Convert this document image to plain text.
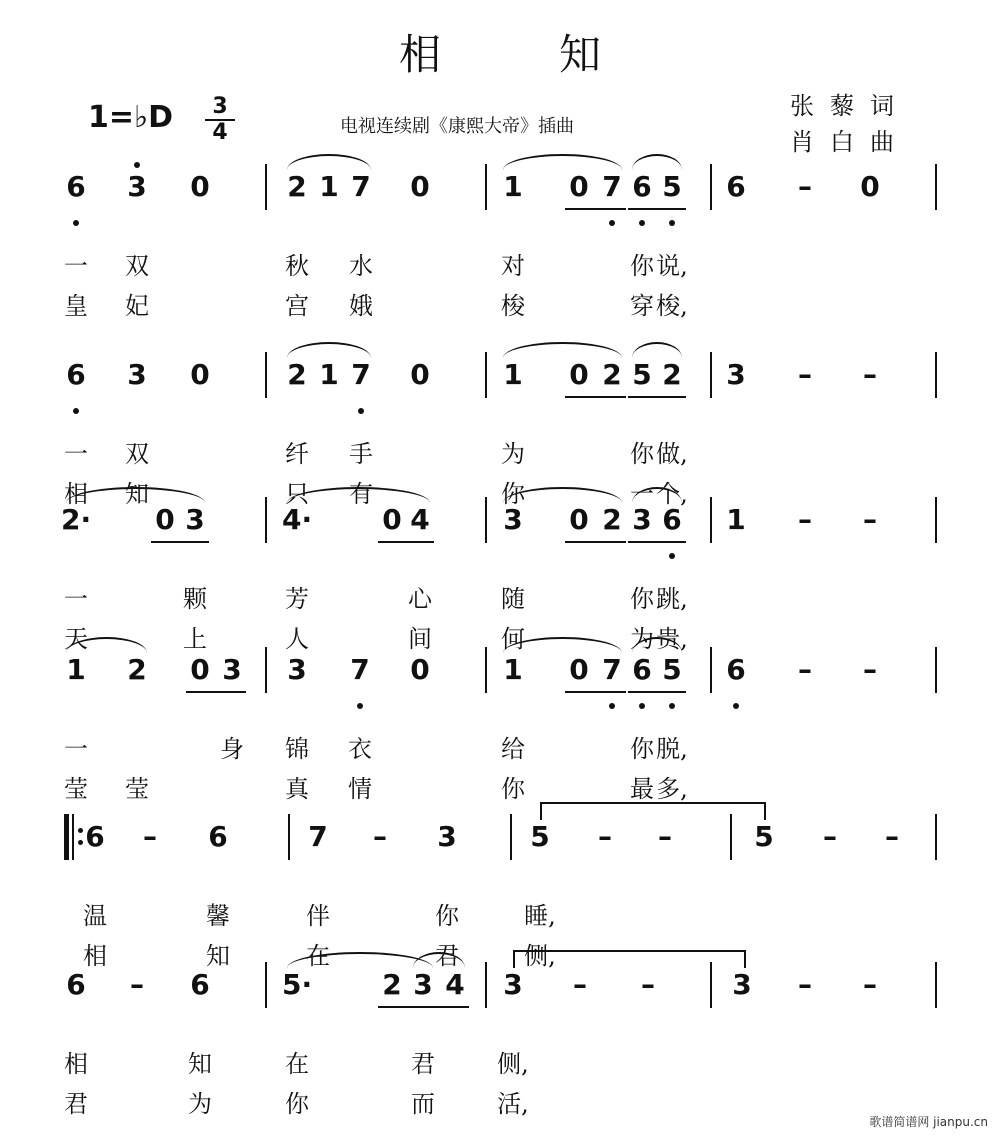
相知
1=♭D	3
4	电视连续剧《康熙大帝》插曲
张藜词
肖白曲
歌谱简谱网 jianpu.cn
6
一
皇
3
双
妃
0	2
秋
宫
1 7
水
娥
0	1
对
梭
0 7 6
你
穿
5
说,
梭,
6 – 0
6
一
相
3
双
知
0	2
纤
只
1 7
手
有
0	1
为
你
0 2 5
你
一
2
做,
个,
3 – –
2·
一
天
0 3
颗
上
4·
芳
人
0 4
心
间
3
随
何
0 2 3
你
为
6
跳,
贵,
1 – –
1
一
莹
2
莹
0 3
身
3
锦
真
7
衣
情
0	1
给
你
0 7 6
你
最
5
脱,
多,
6 – –
6
温
相
– 6
馨
知
7
伴
在
– 3
你
君
5
睡,
侧,
– –	5 – –
6
相
君
– 6
知
为
5·
在
你
2 3
君
而
4 3
侧,
活,
– –	3 – –
